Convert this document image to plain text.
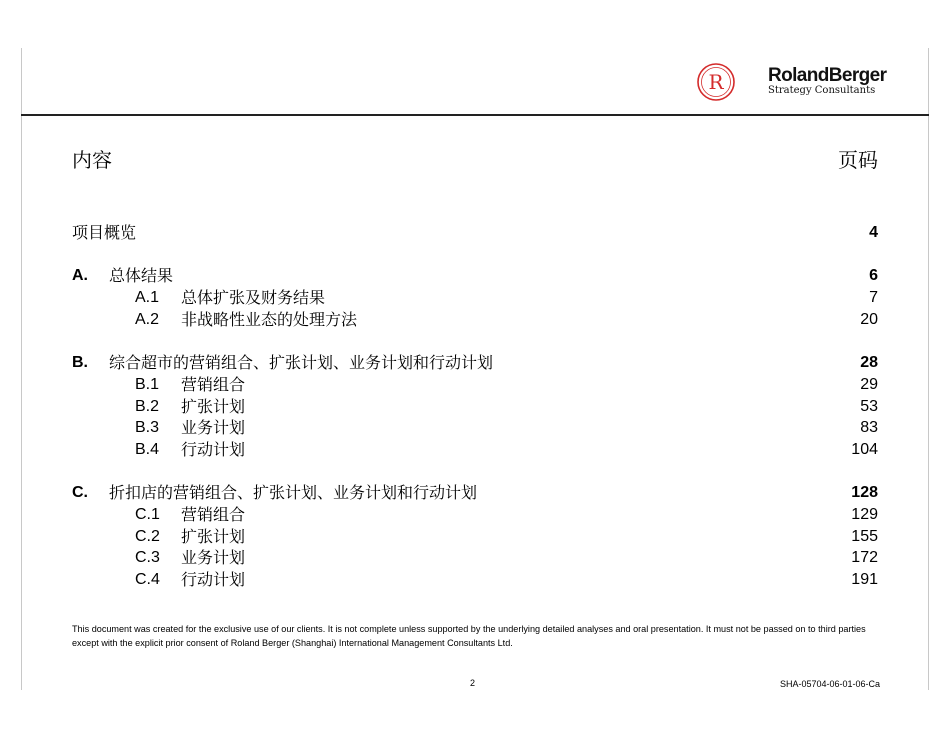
R RolandBerger
Strategy Consultants
内容	页码
项目概览	4
A. 总体结果	6
A.1 总体扩张及财务结果	7
A.2 非战略性业态的处理方法	20
B. 综合超市的营销组合、扩张计划、业务计划和行动计划	28
B.1 营销组合	29
B.2 扩张计划	53
B.3 业务计划	83
B.4 行动计划	104
C. 折扣店的营销组合、扩张计划、业务计划和行动计划	128
C.1 营销组合	129
C.2 扩张计划	155
C.3 业务计划	172
C.4 行动计划	191
This document was created for the exclusive use of our clients. It is not complete unless supported by the underlying detailed analyses and oral presentation. It must not be passed on to third parties except with the explicit prior consent of Roland Berger (Shanghai) International Management Consultants Ltd.
2	SHA-05704-06-01-06-Ca
